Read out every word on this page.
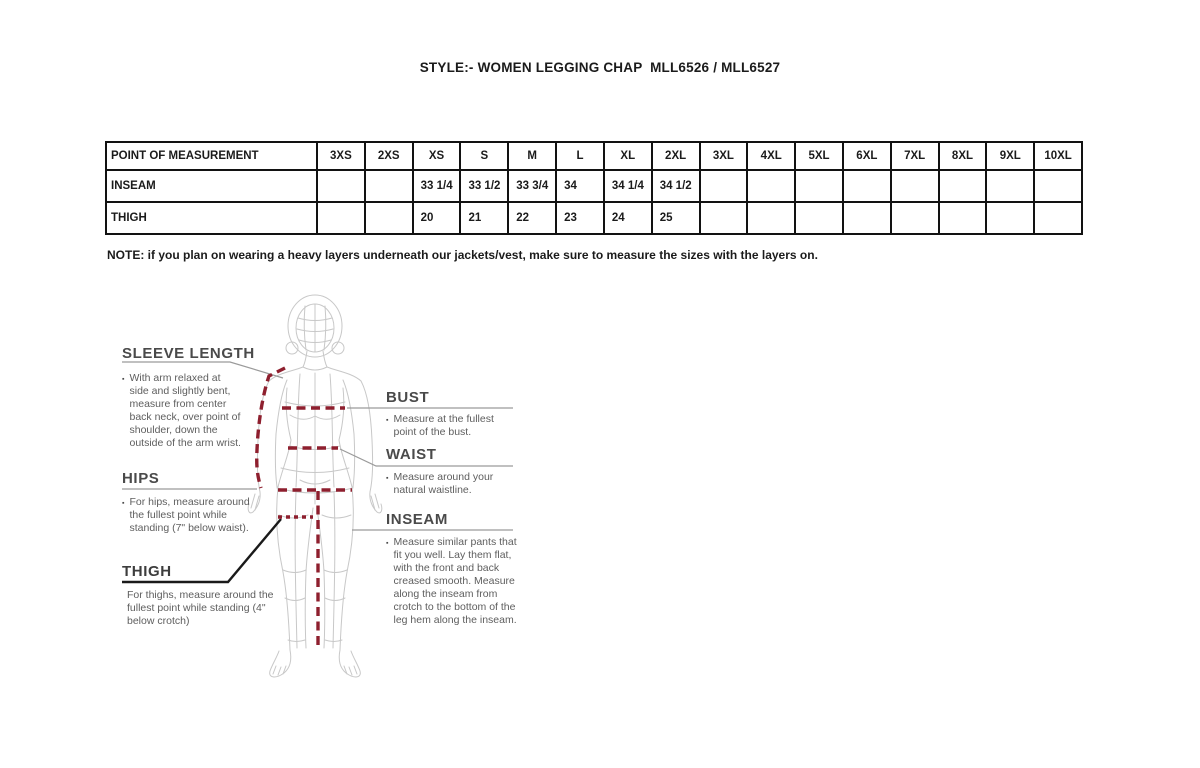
STYLE:- WOMEN LEGGING CHAP  MLL6526 / MLL6527
POINT OF MEASUREMENT	3XS	2XS	XS	S	M	L	XL	2XL	3XL	4XL	5XL	6XL	7XL	8XL	9XL	10XL
INSEAM			33 1/4	33 1/2	33 3/4	34	34 1/4	34 1/2								
THIGH			20	21	22	23	24	25								
NOTE: if you plan on wearing a heavy layers underneath our jackets/vest, make sure to measure the sizes with the layers on.
SLEEVE LENGTH
▪ With arm relaxed at side and slightly bent, measure from center back neck, over point of shoulder, down the outside of the arm wrist.
HIPS
▪ For hips, measure around the fullest point while standing (7" below waist).
THIGH
For thighs, measure around the fullest point while standing (4" below crotch)
BUST
▪ Measure at the fullest point of the bust.
WAIST
▪ Measure around your natural waistline.
INSEAM
▪ Measure similar pants that fit you well. Lay them flat, with the front and back creased smooth. Measure along the inseam from crotch to the bottom of the leg hem along the inseam.
